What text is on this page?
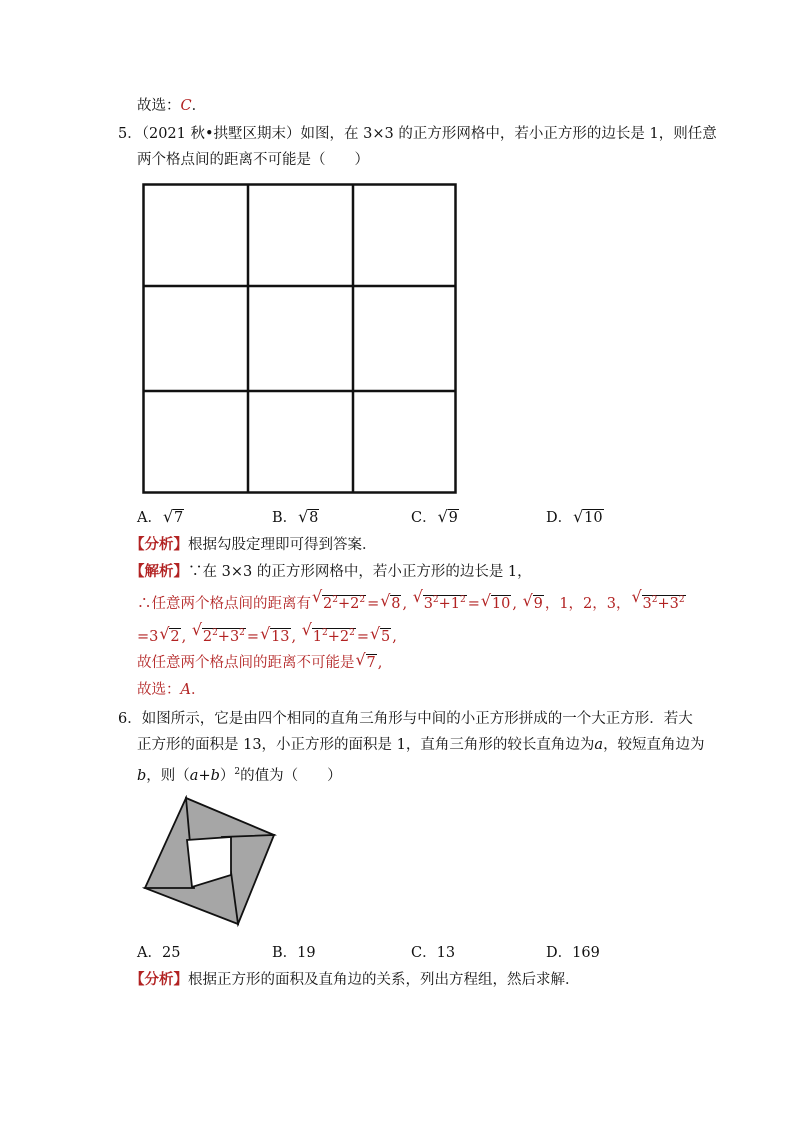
故选：C．
5．（2021 秋•拱墅区期末）如图，在 3×3 的正方形网格中，若小正方形的边长是 1，则任意
两个格点间的距离不可能是（　　）
A． √ 7	B． √ 8	C． √ 9	D． √ 10
【分析】根据勾股定理即可得到答案．
【解析】∵在 3×3 的正方形网格中，若小正方形的边长是 1，
∴任意两个格点间的距离有 √ $2^2+2^2$ = √ 8 , √ $3^2+1^2$ = √ 10 , √ 9 ，1，2，3， √ $3^2+3^2$
=3 √ 2 , √ $2^2+3^2$ = √ 13 , √ $1^2+2^2$ = √ 5 ,
故任意两个格点间的距离不可能是 √ 7 ,
故选：A．
6．如图所示，它是由四个相同的直角三角形与中间的小正方形拼成的一个大正方形．若大
正方形的面积是 13，小正方形的面积是 1，直角三角形的较长直角边为a，较短直角边为
b，则$(a+b)^2$的值为（　　）
A．25	B．19	C．13	D．169
【分析】根据正方形的面积及直角边的关系，列出方程组，然后求解．
